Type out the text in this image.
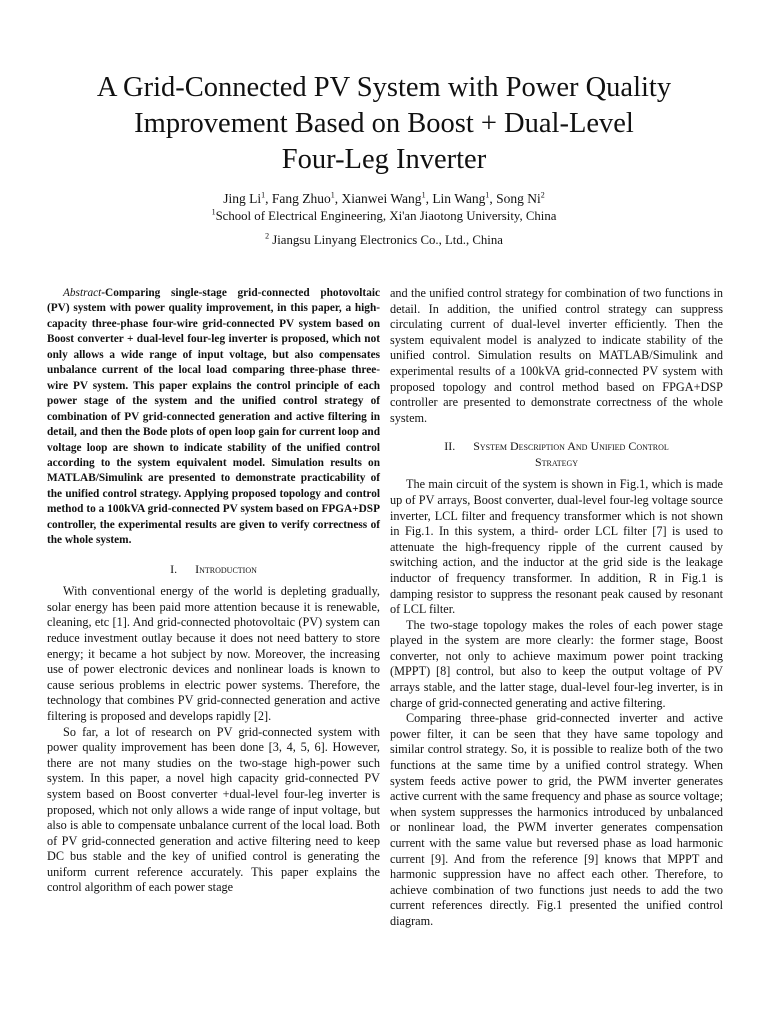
A Grid-Connected PV System with Power Quality
Improvement Based on Boost + Dual-Level
Four-Leg Inverter
Jing Li$^1$, Fang Zhuo$^1$, Xianwei Wang$^1$, Lin Wang$^1$, Song Ni$^2$
$^1$School of Electrical Engineering, Xi'an Jiaotong University, China
$^2$ Jiangsu Linyang Electronics Co., Ltd., China

Abstract-Comparing single-stage grid-connected photovoltaic (PV) system with power quality improvement, in this paper, a high-capacity three-phase four-wire grid-connected PV system based on Boost converter + dual-level four-leg inverter is proposed, which not only allows a wide range of input voltage, but also compensates unbalance current of the local load comparing three-phase three-wire PV system. This paper explains the control principle of each power stage of the system and the unified control strategy of combination of PV grid-connected generation and active filtering in detail, and then the Bode plots of open loop gain for current loop and voltage loop are shown to indicate stability of the unified control according to the system equivalent model. Simulation results on MATLAB/Simulink are presented to demonstrate practicability of the unified control strategy. Applying proposed topology and control method to a 100kVA grid-connected PV system based on FPGA+DSP controller, the experimental results are given to verify correctness of the whole system.

I. Introduction

With conventional energy of the world is depleting gradually, solar energy has been paid more attention because it is renewable, cleaning, etc [1]. And grid-connected photovoltaic (PV) system can reduce investment outlay because it does not need battery to store energy; it became a hot subject by now. Moreover, the increasing use of power electronic devices and nonlinear loads is known to cause serious problems in electric power systems. Therefore, the technology that combines PV grid-connected generation and active filtering is proposed and develops rapidly [2].

So far, a lot of research on PV grid-connected system with power quality improvement has been done [3, 4, 5, 6]. However, there are not many studies on the two-stage high-power such system. In this paper, a novel high capacity grid-connected PV system based on Boost converter +dual-level four-leg inverter is proposed, which not only allows a wide range of input voltage, but also is able to compensate unbalance current of the local load. Both of PV grid-connected generation and active filtering need to keep DC bus stable and the key of unified control is generating the uniform current reference accurately. This paper explains the control algorithm of each power stage

and the unified control strategy for combination of two functions in detail. In addition, the unified control strategy can suppress circulating current of dual-level inverter efficiently. Then the system equivalent model is analyzed to indicate stability of the unified control. Simulation results on MATLAB/Simulink and experimental results of a 100kVA grid-connected PV system with proposed topology and control method based on FPGA+DSP controller are presented to demonstrate correctness of the whole system.

II. System Description And Unified Control
Strategy

The main circuit of the system is shown in Fig.1, which is made up of PV arrays, Boost converter, dual-level four-leg voltage source inverter, LCL filter and frequency transformer which is not shown in Fig.1. In this system, a third- order LCL filter [7] is used to attenuate the high-frequency ripple of the current caused by switching action, and the inductor at the grid side is the leakage inductor of frequency transformer. In addition, R in Fig.1 is damping resistor to suppress the resonant peak caused by resonant of LCL filter.

The two-stage topology makes the roles of each power stage played in the system are more clearly: the former stage, Boost converter, not only to achieve maximum power point tracking (MPPT) [8] control, but also to keep the output voltage of PV arrays stable, and the latter stage, dual-level four-leg inverter, is in charge of grid-connected generating and active filtering.

Comparing three-phase grid-connected inverter and active power filter, it can be seen that they have same topology and similar control strategy. So, it is possible to realize both of the two functions at the same time by a unified control strategy. When system feeds active power to grid, the PWM inverter generates active current with the same frequency and phase as source voltage; when system suppresses the harmonics introduced by unbalanced or nonlinear load, the PWM inverter generates compensation current with the same value but reversed phase as load harmonic current [9]. And from the reference [9] knows that MPPT and harmonic suppression have no affect each other. Therefore, to achieve combination of two functions just needs to add the two current references directly. Fig.1 presented the unified control diagram.
